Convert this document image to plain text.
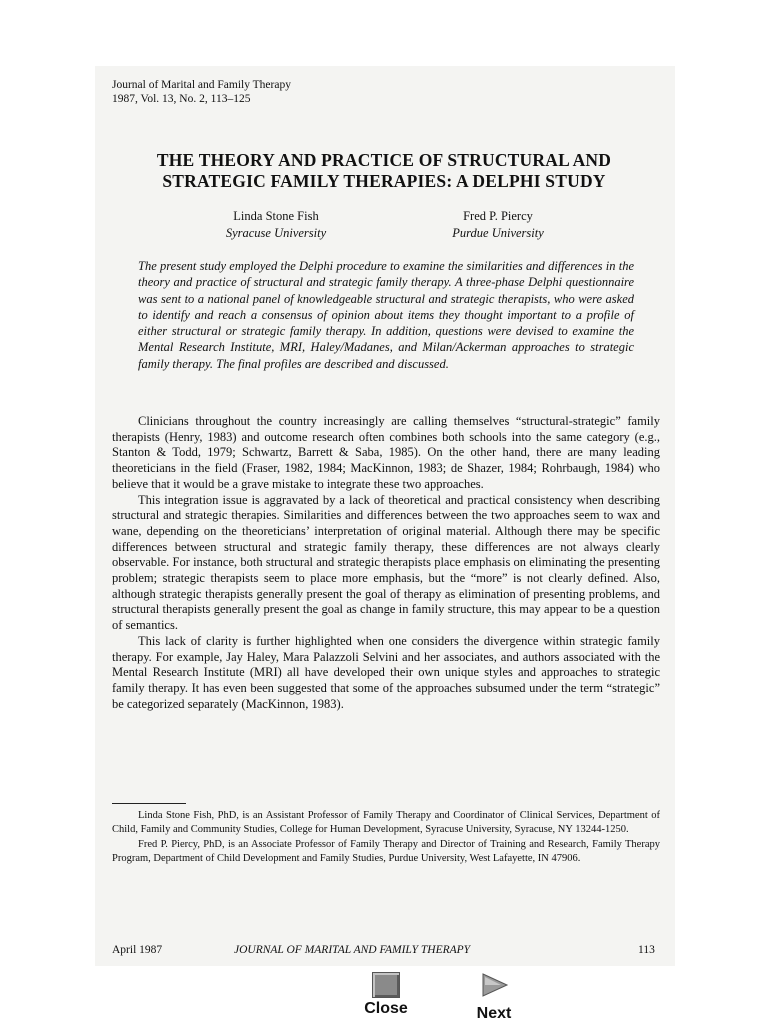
Journal of Marital and Family Therapy
1987, Vol. 13, No. 2, 113–125
THE THEORY AND PRACTICE OF STRUCTURAL AND
STRATEGIC FAMILY THERAPIES: A DELPHI STUDY
Linda Stone Fish
Syracuse University
Fred P. Piercy
Purdue University
The present study employed the Delphi procedure to examine the similarities and differences in the theory and practice of structural and strategic family therapy. A three-phase Delphi questionnaire was sent to a national panel of knowledgeable structural and strategic therapists, who were asked to identify and reach a consensus of opinion about items they thought important to a profile of either structural or strategic family therapy. In addition, questions were devised to examine the Mental Research Institute, MRI, Haley/Madanes, and Milan/Ackerman approaches to strategic family therapy. The final profiles are described and discussed.

Clinicians throughout the country increasingly are calling themselves “structural-strategic” family therapists (Henry, 1983) and outcome research often combines both schools into the same category (e.g., Stanton & Todd, 1979; Schwartz, Barrett & Saba, 1985). On the other hand, there are many leading theoreticians in the field (Fraser, 1982, 1984; MacKinnon, 1983; de Shazer, 1984; Rohrbaugh, 1984) who believe that it would be a grave mistake to integrate these two approaches.

This integration issue is aggravated by a lack of theoretical and practical consistency when describing structural and strategic therapies. Similarities and differences between the two approaches seem to wax and wane, depending on the theoreticians’ interpretation of original material. Although there may be specific differences between structural and strategic family therapy, these differences are not always clearly observable. For instance, both structural and strategic therapists place emphasis on eliminating the presenting problem; strategic therapists seem to place more emphasis, but the “more” is not clearly defined. Also, although strategic therapists generally present the goal of therapy as elimination of presenting problems, and structural therapists generally present the goal as change in family structure, this may appear to be a question of semantics.

This lack of clarity is further highlighted when one considers the divergence within strategic family therapy. For example, Jay Haley, Mara Palazzoli Selvini and her associates, and authors associated with the Mental Research Institute (MRI) all have developed their own unique styles and approaches to strategic family therapy. It has even been suggested that some of the approaches subsumed under the term “strategic” be categorized separately (MacKinnon, 1983).

Linda Stone Fish, PhD, is an Assistant Professor of Family Therapy and Coordinator of Clinical Services, Department of Child, Family and Community Studies, College for Human Development, Syracuse University, Syracuse, NY 13244-1250.

Fred P. Piercy, PhD, is an Associate Professor of Family Therapy and Director of Training and Research, Family Therapy Program, Department of Child Development and Family Studies, Purdue University, West Lafayette, IN 47906.

April 1987	JOURNAL OF MARITAL AND FAMILY THERAPY	113
Close	Next
